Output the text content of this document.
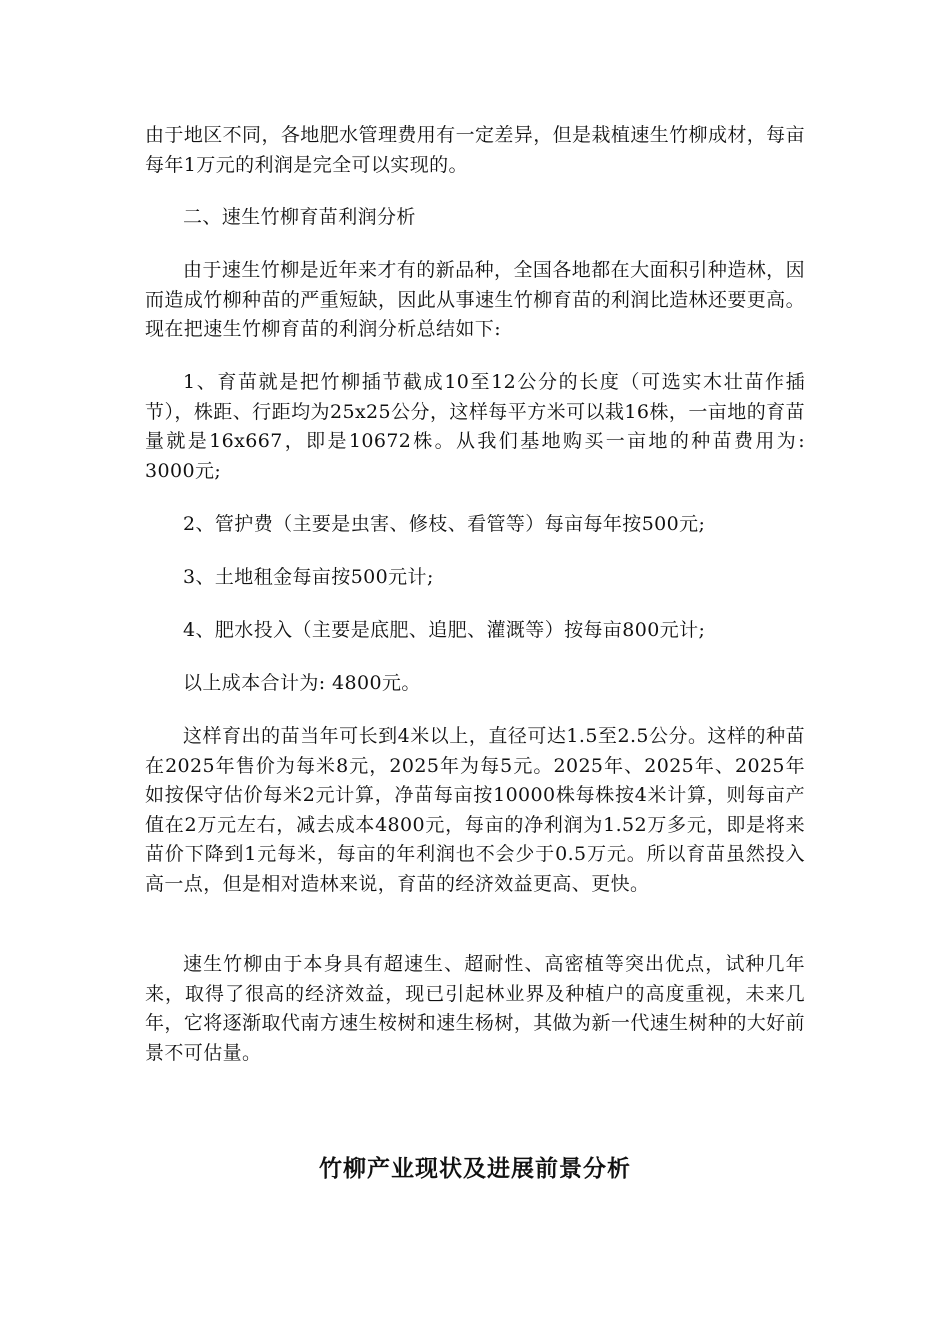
由于地区不同，各地肥水管理费用有一定差异，但是栽植速生竹柳成材，每亩每年1万元的利润是完全可以实现的。

二、速生竹柳育苗利润分析

由于速生竹柳是近年来才有的新品种，全国各地都在大面积引种造林，因而造成竹柳种苗的严重短缺，因此从事速生竹柳育苗的利润比造林还要更高。现在把速生竹柳育苗的利润分析总结如下:

1、育苗就是把竹柳插节截成10至12公分的长度（可选实木壮苗作插节），株距、行距均为25x25公分，这样每平方米可以栽16株，一亩地的育苗量就是16x667，即是10672株。从我们基地购买一亩地的种苗费用为: 3000元;

2、管护费（主要是虫害、修枝、看管等）每亩每年按500元;

3、土地租金每亩按500元计;

4、肥水投入（主要是底肥、追肥、灌溉等）按每亩800元计;

以上成本合计为: 4800元。

这样育出的苗当年可长到4米以上，直径可达1.5至2.5公分。这样的种苗在2025年售价为每米8元，2025年为每5元。2025年、2025年、2025年如按保守估价每米2元计算，净苗每亩按10000株每株按4米计算，则每亩产值在2万元左右，减去成本4800元，每亩的净利润为1.52万多元，即是将来苗价下降到1元每米，每亩的年利润也不会少于0.5万元。所以育苗虽然投入高一点，但是相对造林来说，育苗的经济效益更高、更快。

速生竹柳由于本身具有超速生、超耐性、高密植等突出优点，试种几年来，取得了很高的经济效益，现已引起林业界及种植户的高度重视，未来几年，它将逐渐取代南方速生桉树和速生杨树，其做为新一代速生树种的大好前景不可估量。

竹柳产业现状及进展前景分析
